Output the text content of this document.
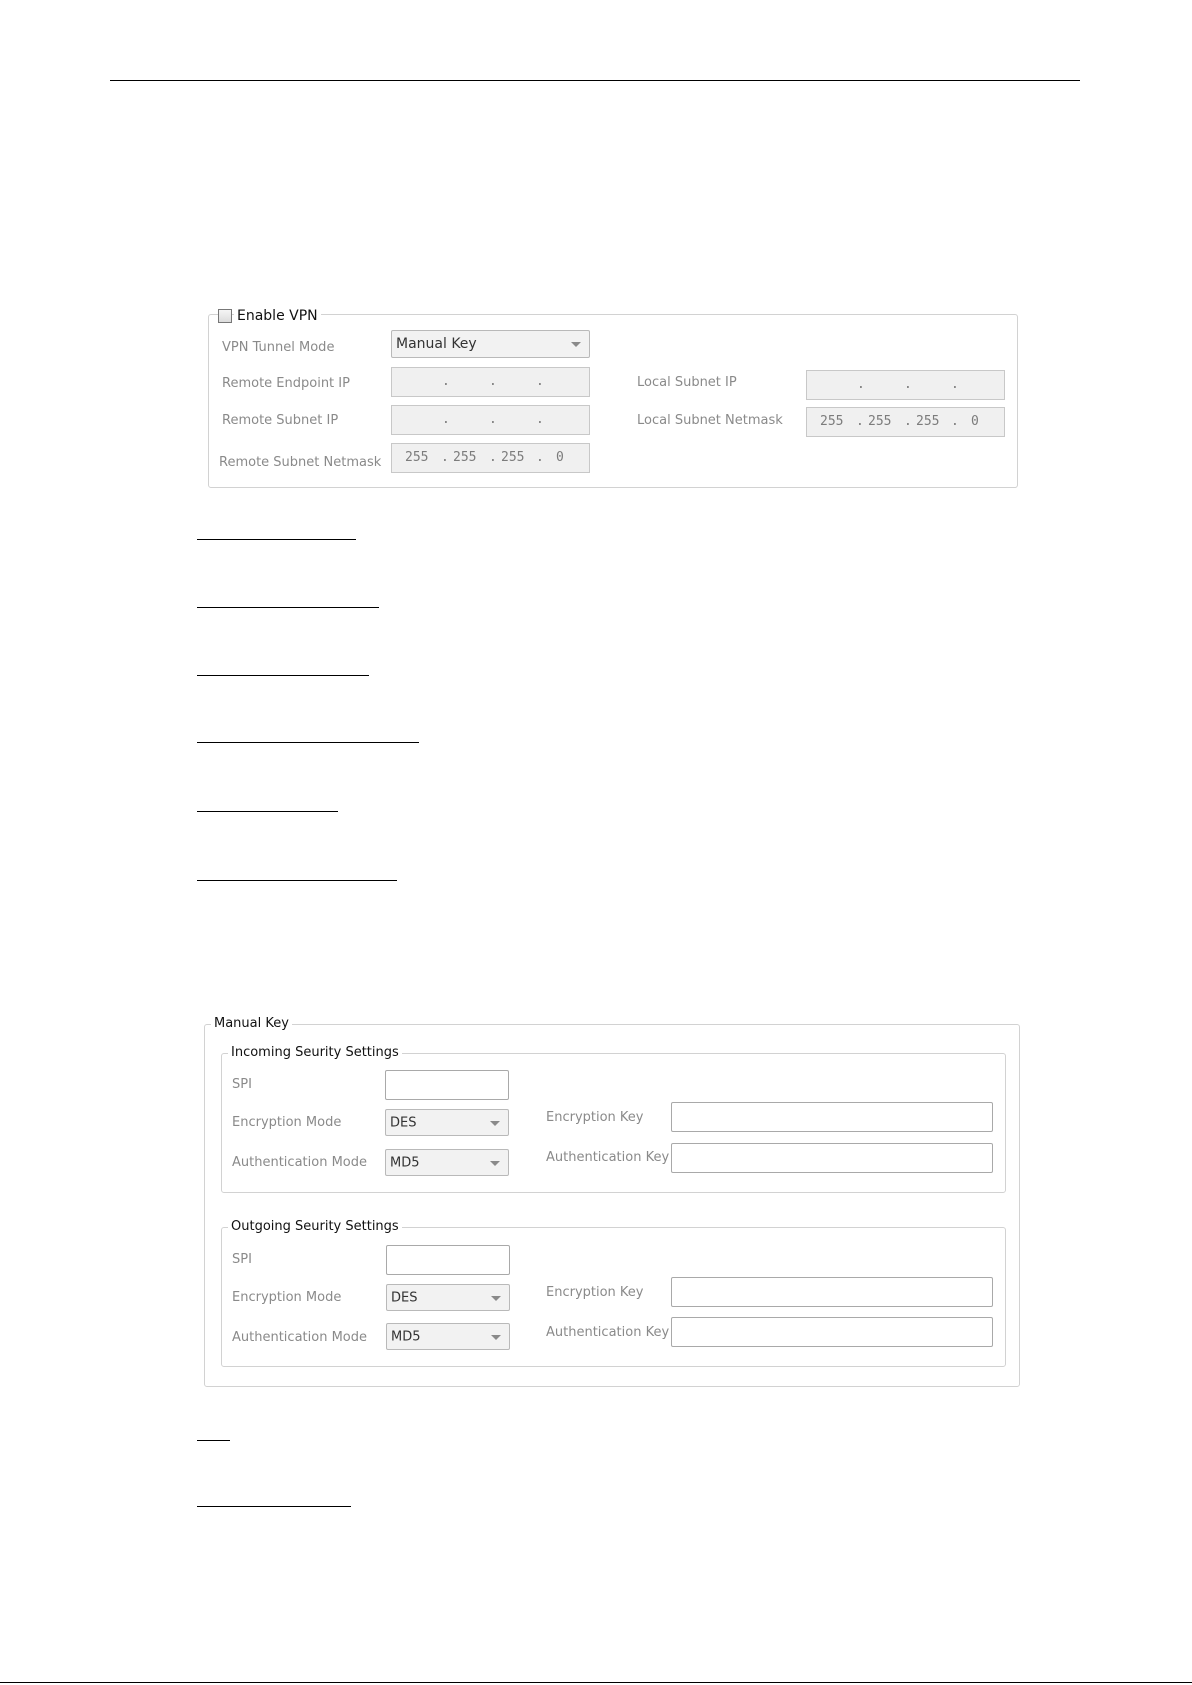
Enable VPN
VPN Tunnel Mode	Manual Key
Remote Endpoint IP	.	.	.
Remote Subnet IP	.	.	.
Remote Subnet Netmask 255 . 255 . 255 . 0
Local Subnet IP	.	.	.
Local Subnet Netmask	255 . 255 . 255 . 0
Manual Key
Incoming Seurity Settings
SPI
Encryption Mode	DES
Authentication Mode MD5
Encryption Key
Authentication Key
Outgoing Seurity Settings
SPI
Encryption Mode	DES
Authentication Mode MD5
Encryption Key
Authentication Key
